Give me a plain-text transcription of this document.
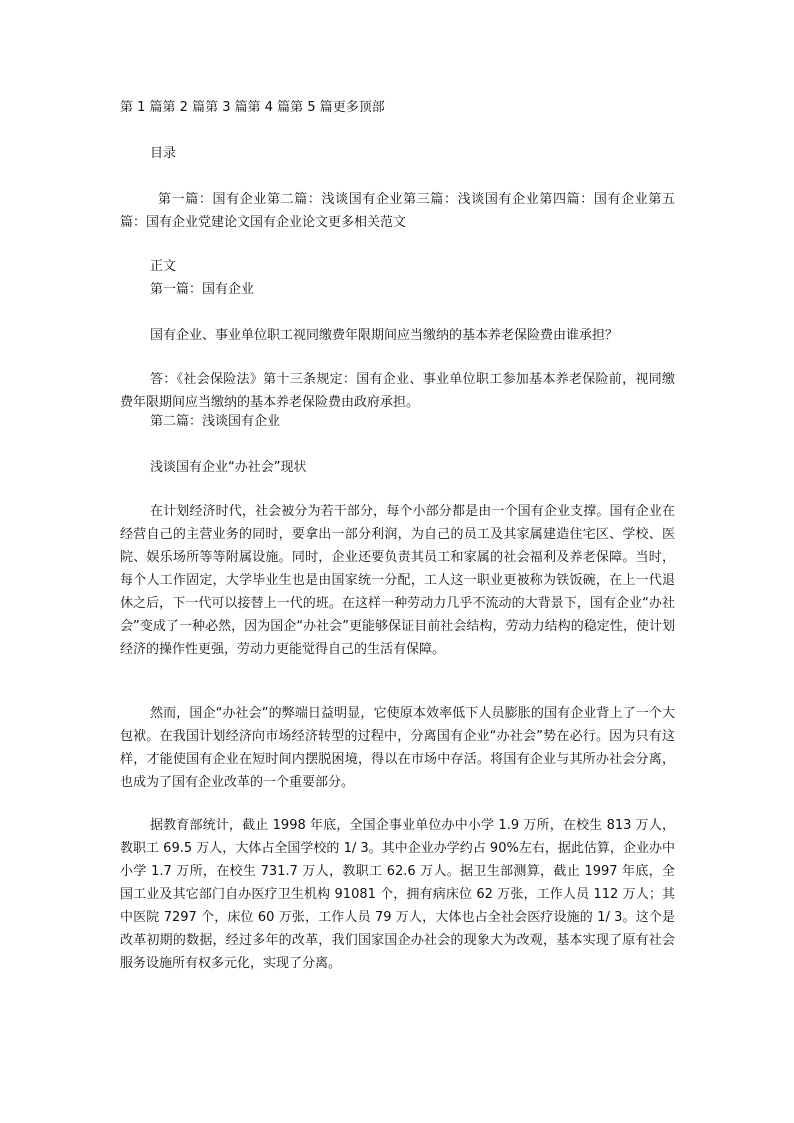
第 1 篇第 2 篇第 3 篇第 4 篇第 5 篇更多顶部
目录
第一篇：国有企业第二篇：浅谈国有企业第三篇：浅谈国有企业第四篇：国有企业第五篇：国有企业党建论文国有企业论文更多相关范文
正文
第一篇：国有企业
国有企业、事业单位职工视同缴费年限期间应当缴纳的基本养老保险费由谁承担？
答：《社会保险法》第十三条规定：国有企业、事业单位职工参加基本养老保险前，视同缴费年限期间应当缴纳的基本养老保险费由政府承担。
第二篇：浅谈国有企业
浅谈国有企业“办社会”现状
在计划经济时代，社会被分为若干部分，每个小部分都是由一个国有企业支撑。国有企业在经营自己的主营业务的同时，要拿出一部分利润，为自己的员工及其家属建造住宅区、学校、医院、娱乐场所等等附属设施。同时，企业还要负责其员工和家属的社会福利及养老保障。当时，每个人工作固定，大学毕业生也是由国家统一分配，工人这一职业更被称为铁饭碗，在上一代退休之后，下一代可以接替上一代的班。在这样一种劳动力几乎不流动的大背景下，国有企业“办社会”变成了一种必然，因为国企“办社会”更能够保证目前社会结构，劳动力结构的稳定性，使计划经济的操作性更强，劳动力更能觉得自己的生活有保障。
然而，国企“办社会”的弊端日益明显，它使原本效率低下人员膨胀的国有企业背上了一个大包袱。在我国计划经济向市场经济转型的过程中，分离国有企业“办社会”势在必行。因为只有这样，才能使国有企业在短时间内摆脱困境，得以在市场中存活。将国有企业与其所办社会分离，也成为了国有企业改革的一个重要部分。
据教育部统计，截止 1998 年底，全国企事业单位办中小学 1.9 万所，在校生 813 万人，教职工 69.5 万人，大体占全国学校的 1/ 3。其中企业办学约占 90%左右，据此估算，企业办中小学 1.7 万所，在校生 731.7 万人，教职工 62.6 万人。据卫生部测算，截止 1997 年底，全国工业及其它部门自办医疗卫生机构 91081 个，拥有病床位 62 万张，工作人员 112 万人；其中医院 7297 个，床位 60 万张，工作人员 79 万人，大体也占全社会医疗设施的 1/ 3。这个是改革初期的数据，经过多年的改革，我们国家国企办社会的现象大为改观，基本实现了原有社会服务设施所有权多元化，实现了分离。
